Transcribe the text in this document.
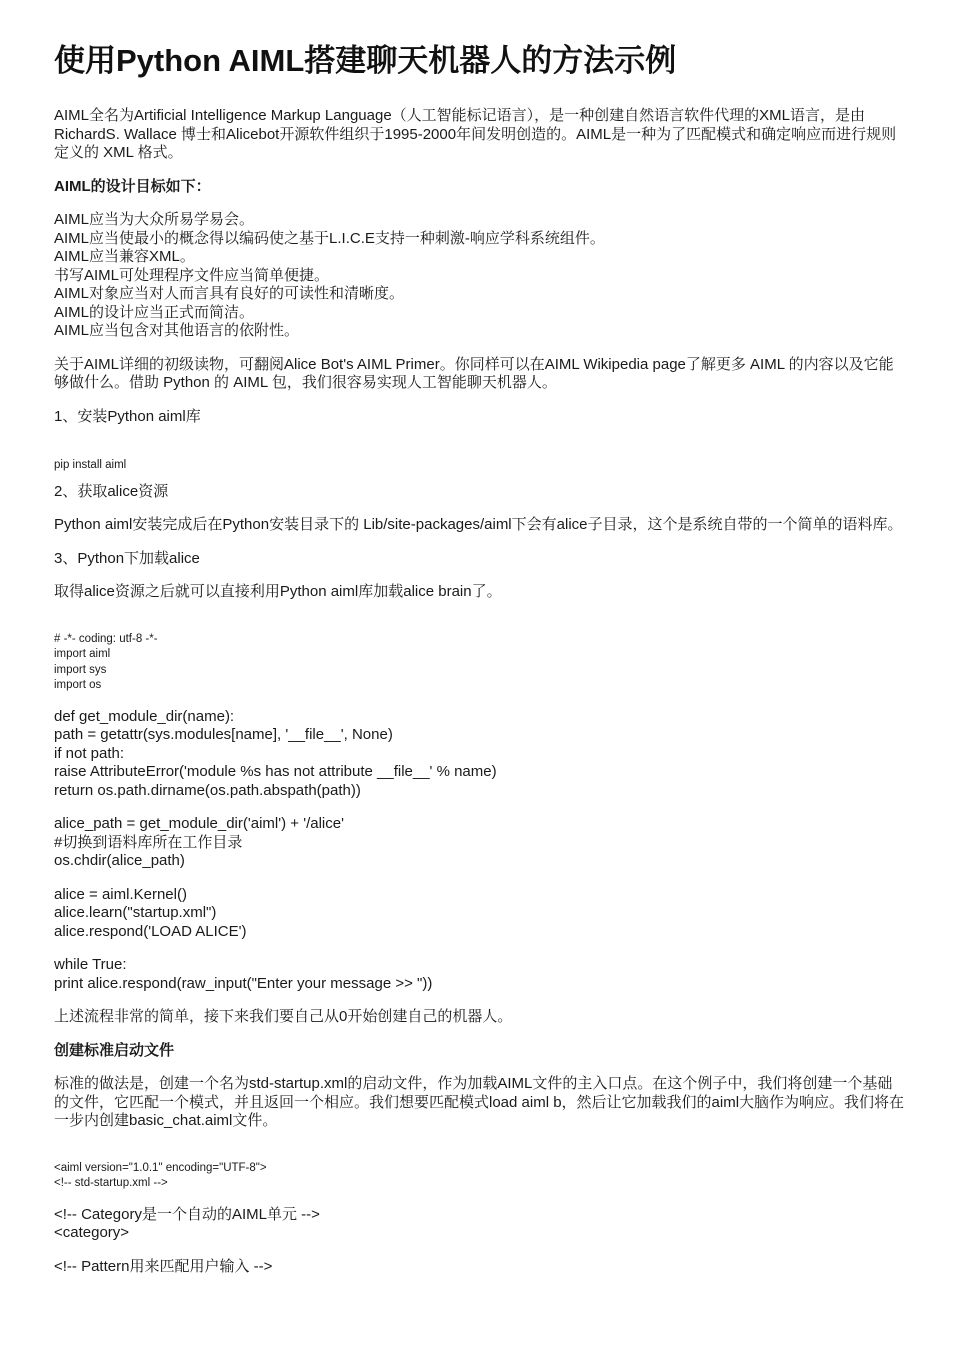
使用Python AIML搭建聊天机器人的方法示例

AIML全名为Artificial Intelligence Markup Language（人工智能标记语言），是一种创建自然语言软件代理的XML语言，是由RichardS. Wallace 博士和Alicebot开源软件组织于1995-2000年间发明创造的。AIML是一种为了匹配模式和确定响应而进行规则定义的 XML 格式。

AIML的设计目标如下：

AIML应当为大众所易学易会。

AIML应当使最小的概念得以编码使之基于L.I.C.E支持一种刺激-响应学科系统组件。

AIML应当兼容XML。

书写AIML可处理程序文件应当简单便捷。

AIML对象应当对人而言具有良好的可读性和清晰度。

AIML的设计应当正式而简洁。

AIML应当包含对其他语言的依附性。

关于AIML详细的初级读物，可翻阅Alice Bot's AIML Primer。你同样可以在AIML Wikipedia page了解更多 AIML 的内容以及它能够做什么。借助 Python 的 AIML 包，我们很容易实现人工智能聊天机器人。

1、安装Python aiml库

pip install aiml

2、获取alice资源

Python aiml安装完成后在Python安装目录下的 Lib/site-packages/aiml下会有alice子目录，这个是系统自带的一个简单的语料库。

3、Python下加载alice

取得alice资源之后就可以直接利用Python aiml库加载alice brain了。

# -*- coding: utf-8 -*-

import aiml

import sys

import os

def get_module_dir(name):

path = getattr(sys.modules[name], '__file__', None)

if not path:

raise AttributeError('module %s has not attribute __file__' % name)

return os.path.dirname(os.path.abspath(path))

alice_path = get_module_dir('aiml') + '/alice'

#切换到语料库所在工作目录

os.chdir(alice_path)

alice = aiml.Kernel()

alice.learn("startup.xml")

alice.respond('LOAD ALICE')

while True:

print alice.respond(raw_input("Enter your message >> "))

上述流程非常的简单，接下来我们要自己从0开始创建自己的机器人。

创建标准启动文件

标准的做法是，创建一个名为std-startup.xml的启动文件，作为加载AIML文件的主入口点。在这个例子中，我们将创建一个基础的文件，它匹配一个模式，并且返回一个相应。我们想要匹配模式load aiml b，然后让它加载我们的aiml大脑作为响应。我们将在一步内创建basic_chat.aiml文件。

<aiml version="1.0.1" encoding="UTF-8">

<!-- std-startup.xml -->

<!-- Category是一个自动的AIML单元 -->

<category>

<!-- Pattern用来匹配用户输入 -->
